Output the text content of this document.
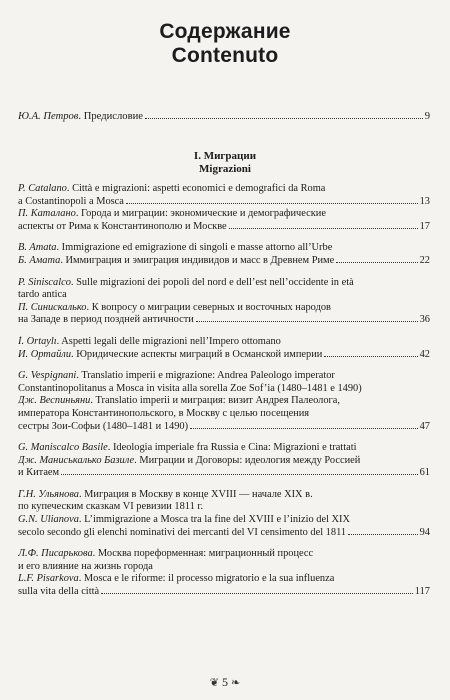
Содержание
Contenuto
Ю.А. Петров. Предисловие	9
I. Миграции
Migrazioni
P. Catalano. Città e migrazioni: aspetti economici e demografici da Roma
a Costantinopoli a Mosca	13
П. Каталано. Города и миграции: экономические и демографические
аспекты от Рима к Константинополю и Москве	17
B. Amata. Immigrazione ed emigrazione di singoli e masse attorno all’Urbe
Б. Амата. Иммиграция и эмиграция индивидов и масс в Древнем Риме	22
P. Siniscalco. Sulle migrazioni dei popoli del nord e dell’est nell’occidente in età
tardo antica
П. Синискалько. К вопросу о миграции северных и восточных народов
на Западе в период поздней античности	36
İ. Ortaylı. Aspetti legali delle migrazioni nell’Impero ottomano
И. Ортайли. Юридические аспекты миграций в Османской империи	42
G. Vespignani. Translatio imperii e migrazione: Andrea Paleologo imperator
Constantinopolitanus a Mosca in visita alla sorella Zoe Sof’ia (1480–1481 e 1490)
Дж. Веспиньяни. Translatio imperii и миграция: визит Андрея Палеолога,
императора Константинопольского, в Москву с целью посещения
сестры Зои-Софьи (1480–1481 и 1490)	47
G. Maniscalco Basile. Ideologia imperiale fra Russia e Cina: Migrazioni e trattati
Дж. Маниськалько Базиле. Миграции и Договоры: идеология между Россией
и Китаем	61
Г.Н. Ульянова. Миграция в Москву в конце XVIII — начале XIX в.
по купеческим сказкам VI ревизии 1811 г.
G.N. Ulianova. L’immigrazione a Mosca tra la fine del XVIII e l’inizio del XIX
secolo secondo gli elenchi nominativi dei mercanti del VI censimento del 1811	94
Л.Ф. Писарькова. Москва пореформенная: миграционный процесс
и его влияние на жизнь города
L.F. Pisarkova. Mosca e le riforme: il processo migratorio e la sua influenza
sulla vita della città	117
❦ 5 ❧
